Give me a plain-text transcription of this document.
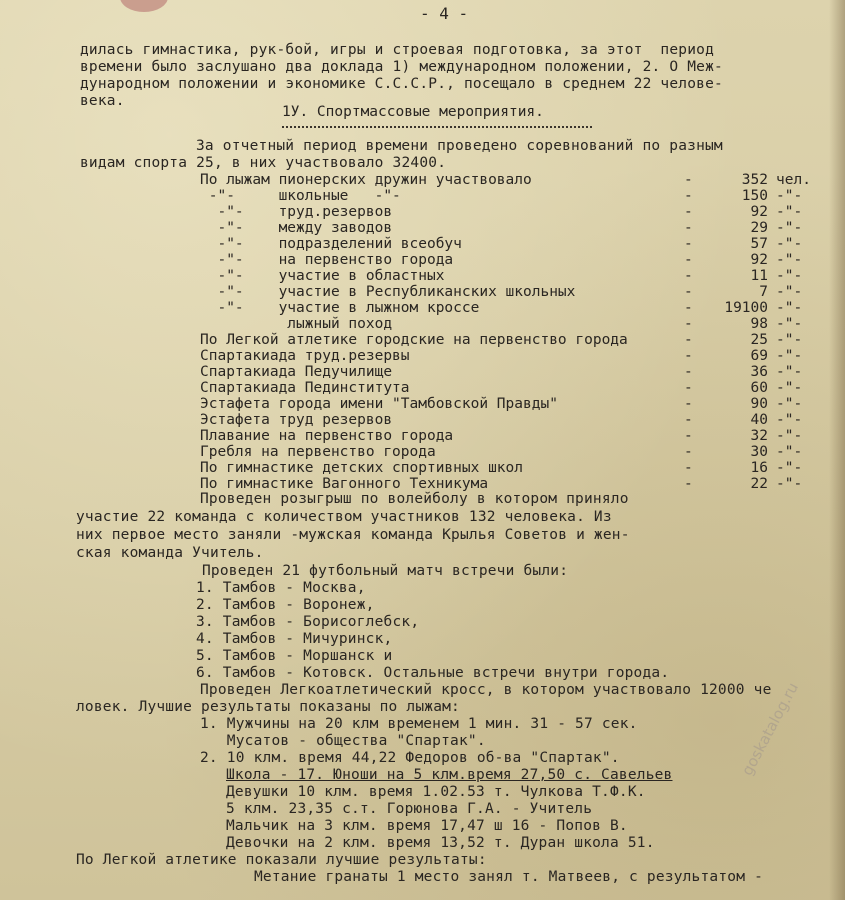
- 4 -
дилась гимнастика, рук-бой, игры и строевая подготовка, за этот  период
времени было заслушано два доклада 1) международном положении, 2. О Меж-
дународном положении и экономике С.С.С.Р., посещало в среднем 22 челове-
века.
1У. Спортмассовые мероприятия.
За отчетный период времени проведено соревнований по разным
видам спорта 25, в них участвовало 32400.
По лыжам пионерских дружин участвовало	-	352 чел.
-"-     школьные   -"-	-	150 -"-
-"-    труд.резервов	-	92 -"-
-"-    между заводов	-	29 -"-
-"-    подразделений всеобуч	-	57 -"-
-"-    на первенство города	-	92 -"-
-"-    участие в областных	-	11 -"-
-"-    участие в Республиканских школьных	-	7 -"-
-"-    участие в лыжном кроссе	-	19100 -"-
лыжный поход	-	98 -"-
По Легкой атлетике городские на первенство города	-	25 -"-
Спартакиада труд.резервы	-	69 -"-
Спартакиада Педучилище	-	36 -"-
Спартакиада Пединститута	-	60 -"-
Эстафета города имени "Тамбовской Правды"	-	90 -"-
Эстафета труд резервов	-	40 -"-
Плавание на первенство города	-	32 -"-
Гребля на первенство города	-	30 -"-
По гимнастике детских спортивных школ	-	16 -"-
По гимнастике Вагонного Техникума	-	22 -"-
Проведен розыгрыш по волейболу в котором приняло
участие 22 команда с количеством участников 132 человека. Из
них первое место заняли -мужская команда Крылья Советов и жен-
ская команда Учитель.
Проведен 21 футбольный матч встречи были:
1. Тамбов - Москва,
2. Тамбов - Воронеж,
3. Тамбов - Борисоглебск,
4. Тамбов - Мичуринск,
5. Тамбов - Моршанск и
6. Тамбов - Котовск. Остальные встречи внутри города.
Проведен Легкоатлетический кросс, в котором участвовало 12000 че
ловек. Лучшие результаты показаны по лыжам:
1. Мужчины на 20 клм временем 1 мин. 31 - 57 сек.
Мусатов - общества "Спартак".
2. 10 клм. время 44,22 Федоров об-ва "Спартак".
Школа - 17. Юноши на 5 клм.время 27,50 с. Савельев
Девушки 10 клм. время 1.02.53 т. Чулкова Т.Ф.К.
5 клм. 23,35 с.т. Горюнова Г.А. - Учитель
Мальчик на 3 клм. время 17,47 ш 16 - Попов В.
Девочки на 2 клм. время 13,52 т. Дуран школа 51.
По Легкой атлетике показали лучшие результаты:
Метание гранаты 1 место занял т. Матвеев, с результатом -
goskatalog.ru
